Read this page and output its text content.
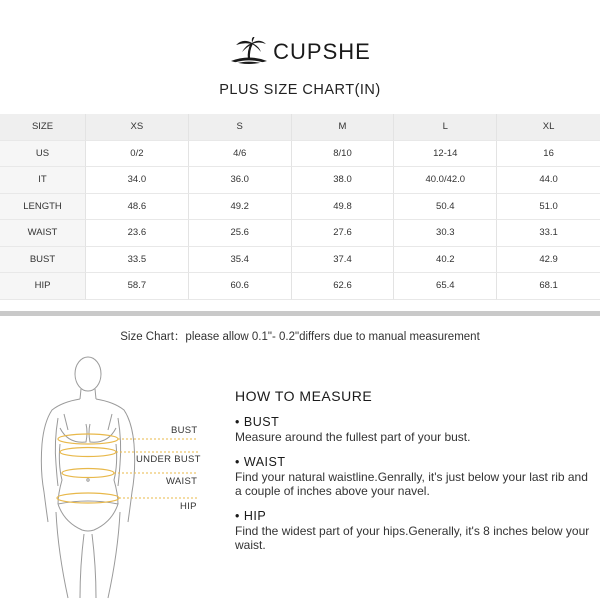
CUPSHE
PLUS SIZE CHART(IN)
SIZE	XS	S	M	L	XL
US	0/2	4/6	8/10	12-14	16
IT	34.0	36.0	38.0	40.0/42.0	44.0
LENGTH	48.6	49.2	49.8	50.4	51.0
WAIST	23.6	25.6	27.6	30.3	33.1
BUST	33.5	35.4	37.4	40.2	42.9
HIP	58.7	60.6	62.6	65.4	68.1
Size Chart：please allow 0.1"- 0.2"differs due to manual measurement
BUST
UNDER BUST
WAIST
HIP
HOW TO MEASURE
• BUST
Measure around the fullest part of your bust.
• WAIST
Find your natural waistline.Genrally, it's just below your last rib and a couple of inches above your navel.
• HIP
Find the widest part of your hips.Generally, it's 8 inches below your waist.
